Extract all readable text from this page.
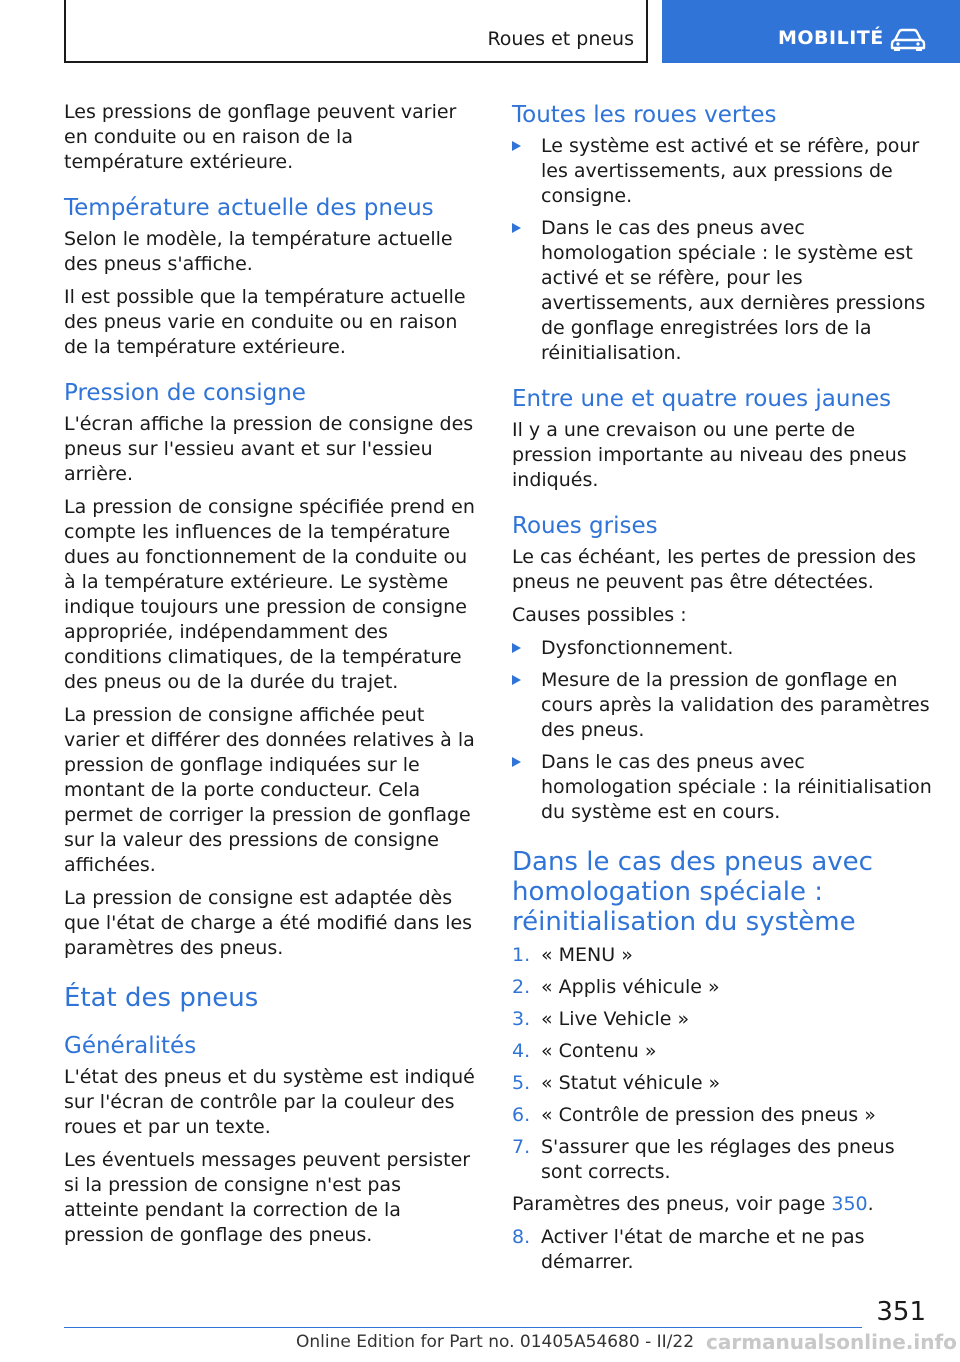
Roues et pneus	MOBILITÉ

Les pressions de gonflage peuvent varier en conduite ou en raison de la température extérieure.

Température actuelle des pneus

Selon le modèle, la température actuelle des pneus s'affiche.

Il est possible que la température actuelle des pneus varie en conduite ou en raison de la température extérieure.

Pression de consigne

L'écran affiche la pression de consigne des pneus sur l'essieu avant et sur l'essieu arrière.

La pression de consigne spécifiée prend en compte les influences de la température dues au fonctionnement de la conduite ou à la température extérieure. Le système indique toujours une pression de consigne appropriée, indépendamment des conditions climatiques, de la température des pneus ou de la durée du trajet.

La pression de consigne affichée peut varier et différer des données relatives à la pression de gonflage indiquées sur le montant de la porte conducteur. Cela permet de corriger la pression de gonflage sur la valeur des pressions de consigne affichées.

La pression de consigne est adaptée dès que l'état de charge a été modifié dans les paramètres des pneus.

État des pneus
Généralités

L'état des pneus et du système est indiqué sur l'écran de contrôle par la couleur des roues et par un texte.

Les éventuels messages peuvent persister si la pression de consigne n'est pas atteinte pendant la correction de la pression de gonflage des pneus.

Toutes les roues vertes
Le système est activé et se réfère, pour les avertissements, aux pressions de consigne.
Dans le cas des pneus avec homologation spéciale : le système est activé et se réfère, pour les avertissements, aux dernières pressions de gonflage enregistrées lors de la réinitialisation.
Entre une et quatre roues jaunes

Il y a une crevaison ou une perte de pression importante au niveau des pneus indiqués.

Roues grises

Le cas échéant, les pertes de pression des pneus ne peuvent pas être détectées.

Causes possibles :

Dysfonctionnement.
Mesure de la pression de gonflage en cours après la validation des paramètres des pneus.
Dans le cas des pneus avec homologation spéciale : la réinitialisation du système est en cours.
Dans le cas des pneus avec homologation spéciale : réinitialisation du système
1. « MENU »
2. « Applis véhicule »
3. « Live Vehicle »
4. « Contenu »
5. « Statut véhicule »
6. « Contrôle de pression des pneus »
7. S'assurer que les réglages des pneus sont corrects.

Paramètres des pneus, voir page 350.

8. Activer l'état de marche et ne pas démarrer.
351
Online Edition for Part no. 01405A54680 - II/22 carmanualsonline.info
